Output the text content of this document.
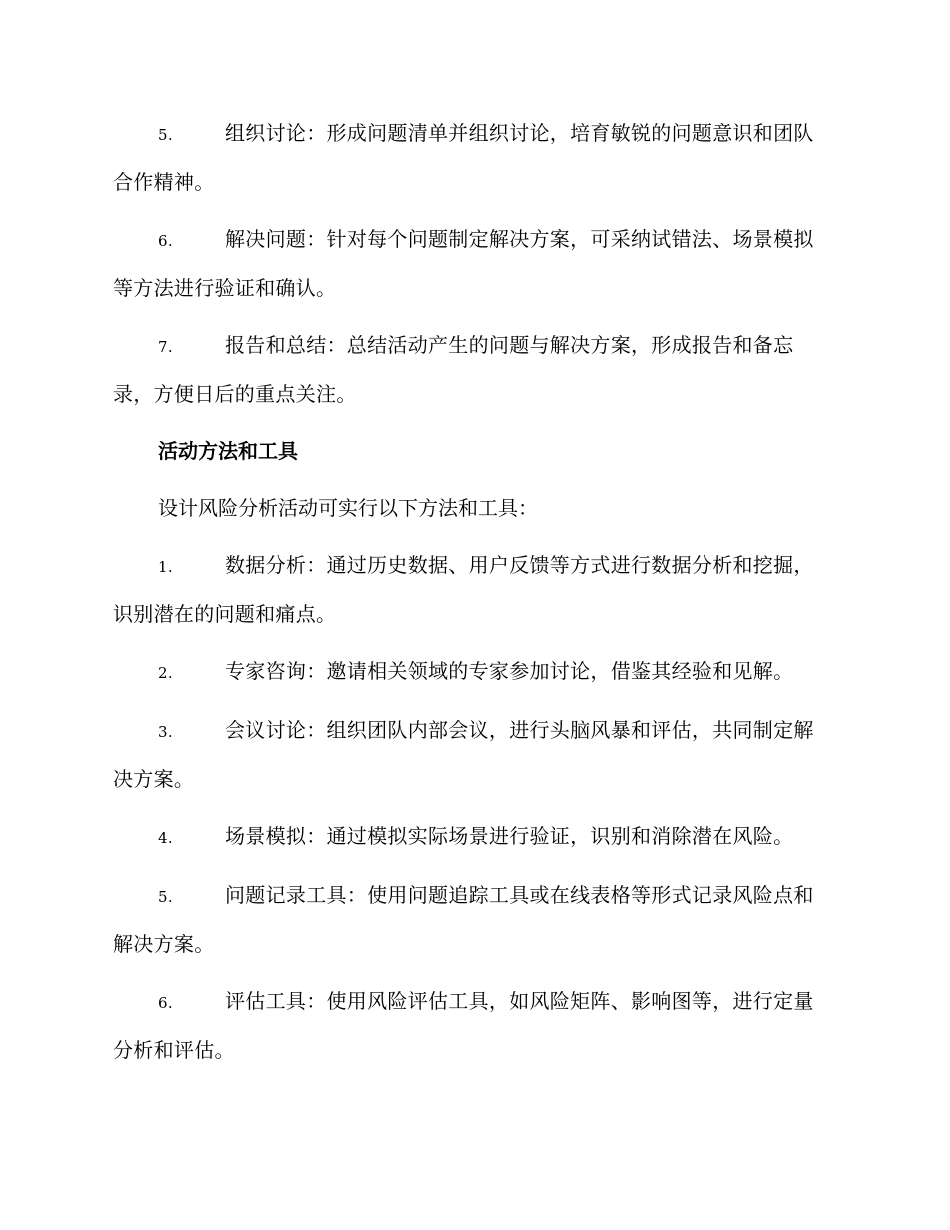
5.	组织讨论：形成问题清单并组织讨论，培育敏锐的问题意识和团队合作精神。

6.	解决问题：针对每个问题制定解决方案，可采纳试错法、场景模拟等方法进行验证和确认。

7.	报告和总结：总结活动产生的问题与解决方案，形成报告和备忘录，方便日后的重点关注。

活动方法和工具

设计风险分析活动可实行以下方法和工具：

1.	数据分析：通过历史数据、用户反馈等方式进行数据分析和挖掘，识别潜在的问题和痛点。

2.	专家咨询：邀请相关领域的专家参加讨论，借鉴其经验和见解。

3.	会议讨论：组织团队内部会议，进行头脑风暴和评估，共同制定解决方案。

4.	场景模拟：通过模拟实际场景进行验证，识别和消除潜在风险。

5.	问题记录工具：使用问题追踪工具或在线表格等形式记录风险点和解决方案。

6.	评估工具：使用风险评估工具，如风险矩阵、影响图等，进行定量分析和评估。
